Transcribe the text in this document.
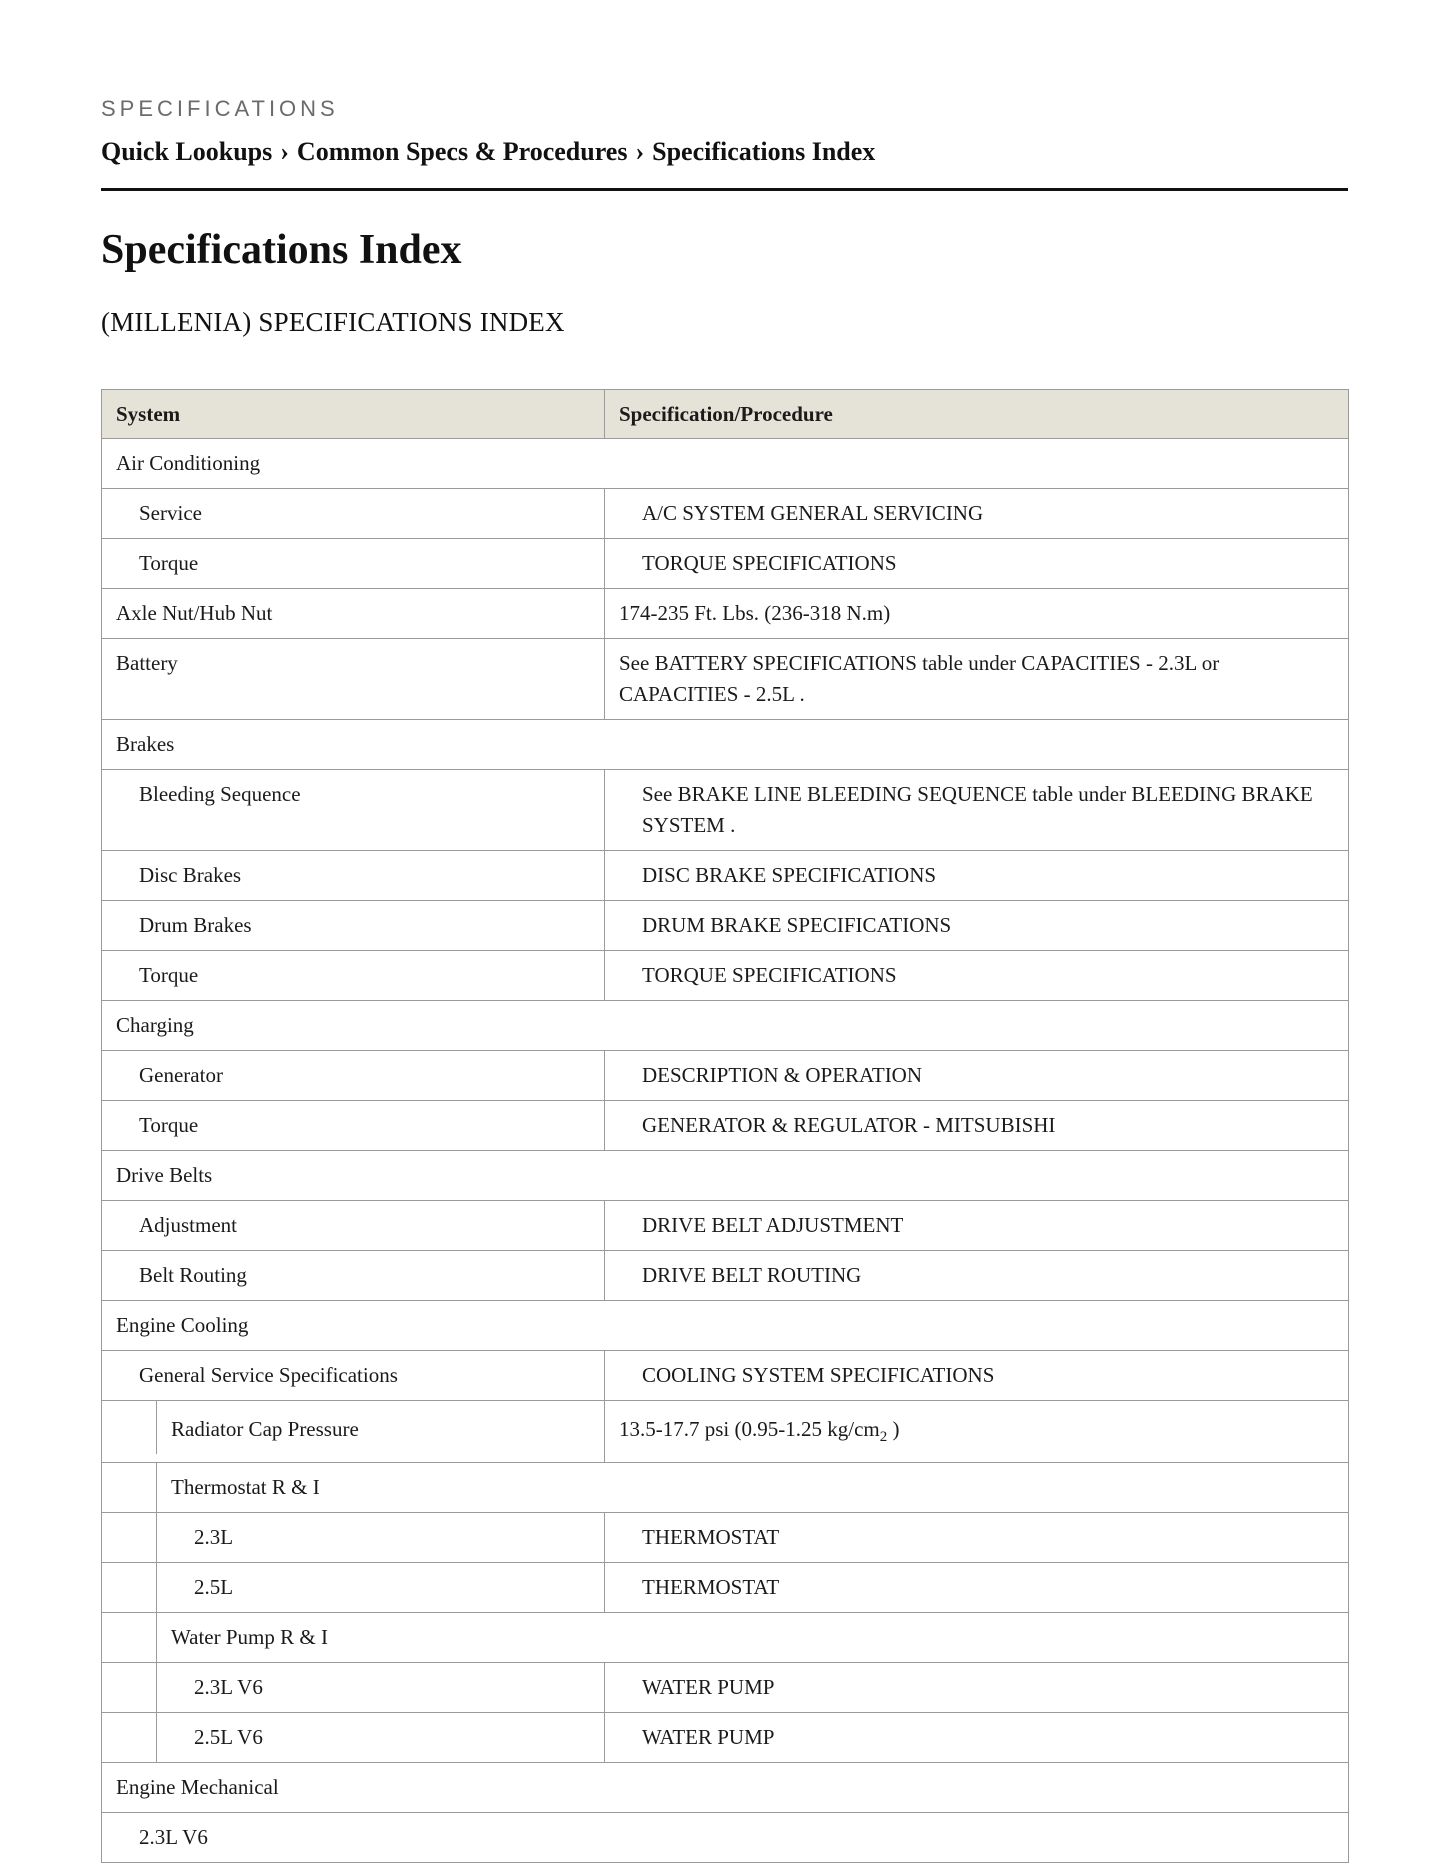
SPECIFICATIONS
Quick Lookups › Common Specs & Procedures › Specifications Index
Specifications Index
(MILLENIA) SPECIFICATIONS INDEX
System	Specification/Procedure

Air Conditioning	

Service	A/C SYSTEM GENERAL SERVICING

Torque	TORQUE SPECIFICATIONS

Axle Nut/Hub Nut	174-235 Ft. Lbs. (236-318 N.m)

Battery	See BATTERY SPECIFICATIONS table under CAPACITIES - 2.3L or CAPACITIES - 2.5L .

Brakes	

Bleeding Sequence	See BRAKE LINE BLEEDING SEQUENCE table under BLEEDING BRAKE SYSTEM .

Disc Brakes	DISC BRAKE SPECIFICATIONS

Drum Brakes	DRUM BRAKE SPECIFICATIONS

Torque	TORQUE SPECIFICATIONS

Charging	

Generator	DESCRIPTION & OPERATION

Torque	GENERATOR & REGULATOR - MITSUBISHI

Drive Belts	

Adjustment	DRIVE BELT ADJUSTMENT

Belt Routing	DRIVE BELT ROUTING

Engine Cooling	

General Service Specifications	COOLING SYSTEM SPECIFICATIONS

Radiator Cap Pressure	13.5-17.7 psi (0.95-1.25 $kg/cm_2$ )

Thermostat R & I	

2.3L	THERMOSTAT

2.5L	THERMOSTAT

Water Pump R & I	

2.3L V6	WATER PUMP

2.5L V6	WATER PUMP

Engine Mechanical	

2.3L V6	
